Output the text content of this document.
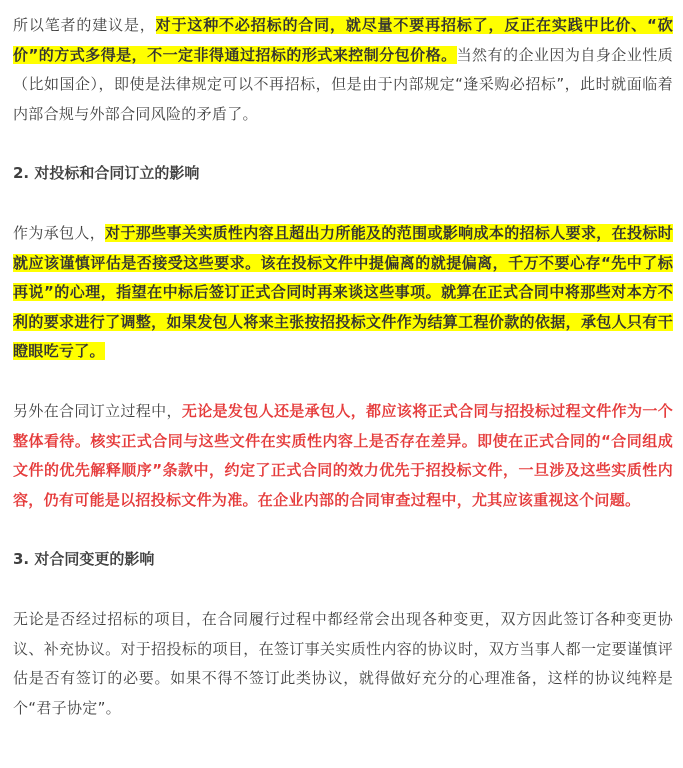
所以笔者的建议是，对于这种不必招标的合同，就尽量不要再招标了，反正在实践中比价、“砍价”的方式多得是，不一定非得通过招标的形式来控制分包价格。当然有的企业因为自身企业性质（比如国企），即使是法律规定可以不再招标，但是由于内部规定“逢采购必招标”，此时就面临着内部合规与外部合同风险的矛盾了。

2. 对投标和合同订立的影响

作为承包人，对于那些事关实质性内容且超出力所能及的范围或影响成本的招标人要求，在投标时就应该谨慎评估是否接受这些要求。该在投标文件中提偏离的就提偏离，千万不要心存“先中了标再说”的心理，指望在中标后签订正式合同时再来谈这些事项。就算在正式合同中将那些对本方不利的要求进行了调整，如果发包人将来主张按招投标文件作为结算工程价款的依据，承包人只有干瞪眼吃亏了。

另外在合同订立过程中，无论是发包人还是承包人，都应该将正式合同与招投标过程文件作为一个整体看待。核实正式合同与这些文件在实质性内容上是否存在差异。即使在正式合同的“合同组成文件的优先解释顺序”条款中，约定了正式合同的效力优先于招投标文件，一旦涉及这些实质性内容，仍有可能是以招投标文件为准。在企业内部的合同审查过程中，尤其应该重视这个问题。

3. 对合同变更的影响

无论是否经过招标的项目，在合同履行过程中都经常会出现各种变更，双方因此签订各种变更协议、补充协议。对于招投标的项目，在签订事关实质性内容的协议时，双方当事人都一定要谨慎评估是否有签订的必要。如果不得不签订此类协议，就得做好充分的心理准备，这样的协议纯粹是个“君子协定”。
